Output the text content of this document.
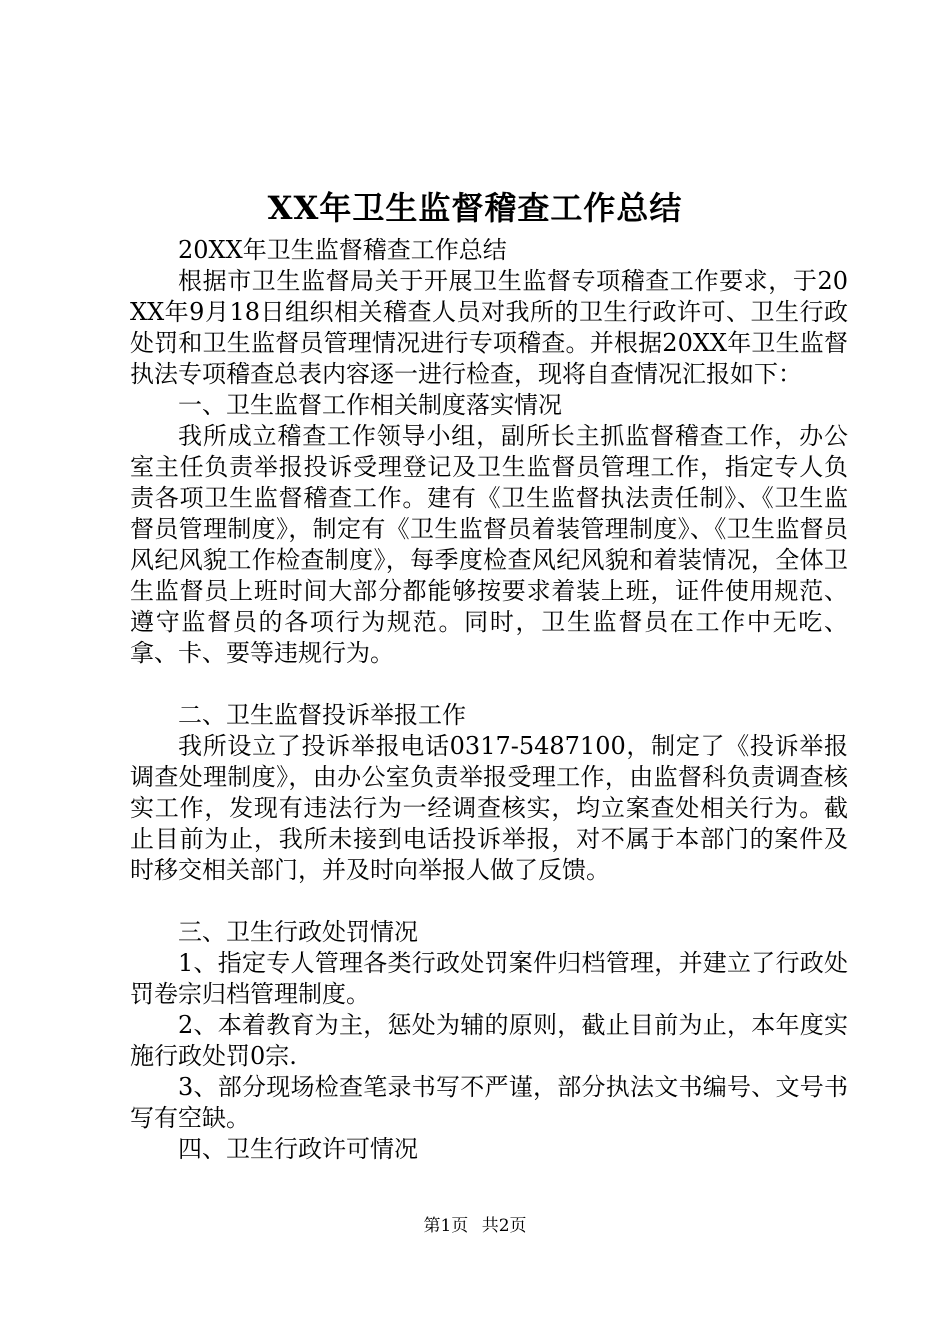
XX年卫生监督稽查工作总结

20XX年卫生监督稽查工作总结

根据市卫生监督局关于开展卫生监督专项稽查工作要求，于20XX年9月18日组织相关稽查人员对我所的卫生行政许可、卫生行政处罚和卫生监督员管理情况进行专项稽查。并根据20XX年卫生监督执法专项稽查总表内容逐一进行检查，现将自查情况汇报如下：

一、卫生监督工作相关制度落实情况

我所成立稽查工作领导小组，副所长主抓监督稽查工作，办公室主任负责举报投诉受理登记及卫生监督员管理工作，指定专人负责各项卫生监督稽查工作。建有《卫生监督执法责任制》、《卫生监督员管理制度》，制定有《卫生监督员着装管理制度》、《卫生监督员风纪风貌工作检查制度》，每季度检查风纪风貌和着装情况，全体卫生监督员上班时间大部分都能够按要求着装上班，证件使用规范、遵守监督员的各项行为规范。同时，卫生监督员在工作中无吃、拿、卡、要等违规行为。

二、卫生监督投诉举报工作

我所设立了投诉举报电话0317-5487100，制定了《投诉举报调查处理制度》，由办公室负责举报受理工作，由监督科负责调查核实工作，发现有违法行为一经调查核实，均立案查处相关行为。截止目前为止，我所未接到电话投诉举报，对不属于本部门的案件及时移交相关部门，并及时向举报人做了反馈。

三、卫生行政处罚情况

1、指定专人管理各类行政处罚案件归档管理，并建立了行政处罚卷宗归档管理制度。

2、本着教育为主，惩处为辅的原则，截止目前为止，本年度实施行政处罚0宗.

3、部分现场检查笔录书写不严谨，部分执法文书编号、文号书写有空缺。

四、卫生行政许可情况

第1页 共2页
